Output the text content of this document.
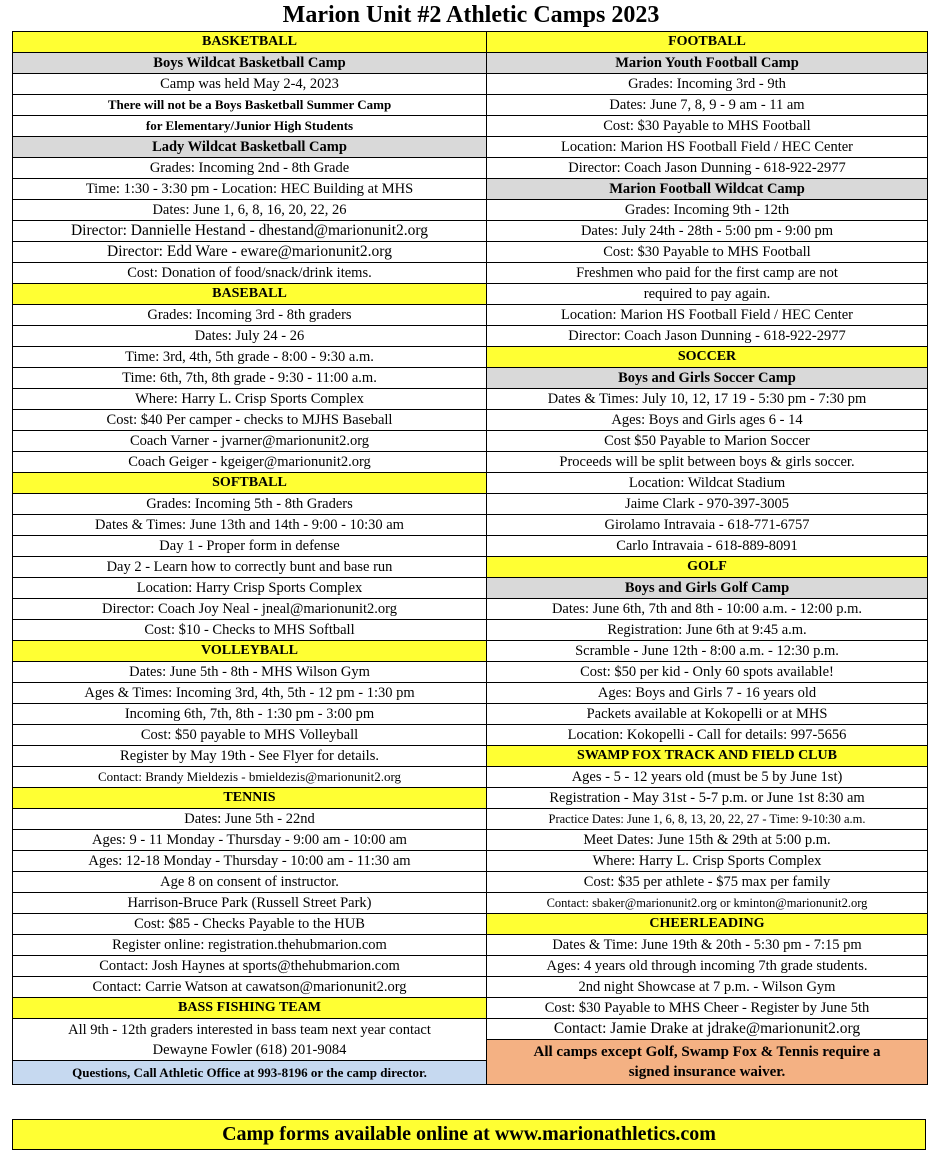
Marion Unit #2 Athletic Camps 2023
BASKETBALL
Boys Wildcat Basketball Camp
Camp was held May 2-4, 2023
There will not be a Boys Basketball Summer Camp
for Elementary/Junior High Students
Lady Wildcat Basketball Camp
Grades: Incoming 2nd - 8th Grade
Time: 1:30 - 3:30 pm - Location: HEC Building at MHS
Dates: June 1, 6, 8, 16, 20, 22, 26
Director: Dannielle Hestand - dhestand@marionunit2.org
Director: Edd Ware - eware@marionunit2.org
Cost: Donation of food/snack/drink items.
BASEBALL
Grades: Incoming 3rd - 8th graders
Dates: July 24 - 26
Time: 3rd, 4th, 5th grade - 8:00 - 9:30 a.m.
Time: 6th, 7th, 8th grade - 9:30 - 11:00 a.m.
Where: Harry L. Crisp Sports Complex
Cost: $40 Per camper - checks to MJHS Baseball
Coach Varner - jvarner@marionunit2.org
Coach Geiger - kgeiger@marionunit2.org
SOFTBALL
Grades: Incoming 5th - 8th Graders
Dates & Times: June 13th and 14th - 9:00 - 10:30 am
Day 1 - Proper form in defense
Day 2 - Learn how to correctly bunt and base run
Location: Harry Crisp Sports Complex
Director: Coach Joy Neal - jneal@marionunit2.org
Cost: $10 - Checks to MHS Softball
VOLLEYBALL
Dates: June 5th - 8th - MHS Wilson Gym
Ages & Times: Incoming 3rd, 4th, 5th - 12 pm - 1:30 pm
Incoming 6th, 7th, 8th - 1:30 pm - 3:00 pm
Cost: $50 payable to MHS Volleyball
Register by May 19th - See Flyer for details.
Contact: Brandy Mieldezis - bmieldezis@marionunit2.org
TENNIS
Dates: June 5th - 22nd
Ages: 9 - 11 Monday - Thursday - 9:00 am - 10:00 am
Ages: 12-18 Monday - Thursday - 10:00 am - 11:30 am
Age 8 on consent of instructor.
Harrison-Bruce Park (Russell Street Park)
Cost: $85 - Checks Payable to the HUB
Register online: registration.thehubmarion.com
Contact: Josh Haynes at sports@thehubmarion.com
Contact: Carrie Watson at cawatson@marionunit2.org
BASS FISHING TEAM
All 9th - 12th graders interested in bass team next year contact
Dewayne Fowler (618) 201-9084
Questions, Call Athletic Office at 993-8196 or the camp director.
FOOTBALL
Marion Youth Football Camp
Grades: Incoming 3rd - 9th
Dates: June 7, 8, 9 - 9 am - 11 am
Cost: $30 Payable to MHS Football
Location: Marion HS Football Field / HEC Center
Director: Coach Jason Dunning - 618-922-2977
Marion Football Wildcat Camp
Grades: Incoming 9th - 12th
Dates: July 24th - 28th - 5:00 pm - 9:00 pm
Cost: $30 Payable to MHS Football
Freshmen who paid for the first camp are not
required to pay again.
Location: Marion HS Football Field / HEC Center
Director: Coach Jason Dunning - 618-922-2977
SOCCER
Boys and Girls Soccer Camp
Dates & Times: July 10, 12, 17 19 - 5:30 pm - 7:30 pm
Ages: Boys and Girls ages 6 - 14
Cost $50 Payable to Marion Soccer
Proceeds will be split between boys & girls soccer.
Location: Wildcat Stadium
Jaime Clark - 970-397-3005
Girolamo Intravaia - 618-771-6757
Carlo Intravaia - 618-889-8091
GOLF
Boys and Girls Golf Camp
Dates: June 6th, 7th and 8th - 10:00 a.m. - 12:00 p.m.
Registration: June 6th at 9:45 a.m.
Scramble - June 12th - 8:00 a.m. - 12:30 p.m.
Cost: $50 per kid - Only 60 spots available!
Ages: Boys and Girls 7 - 16 years old
Packets available at Kokopelli or at MHS
Location: Kokopelli - Call for details: 997-5656
SWAMP FOX TRACK AND FIELD CLUB
Ages - 5 - 12 years old (must be 5 by June 1st)
Registration - May 31st - 5-7 p.m. or June 1st 8:30 am
Practice Dates: June 1, 6, 8, 13, 20, 22, 27 - Time: 9-10:30 a.m.
Meet Dates: June 15th & 29th at 5:00 p.m.
Where: Harry L. Crisp Sports Complex
Cost: $35 per athlete - $75 max per family
Contact: sbaker@marionunit2.org or kminton@marionunit2.org
CHEERLEADING
Dates & Time: June 19th & 20th - 5:30 pm - 7:15 pm
Ages: 4 years old through incoming 7th grade students.
2nd night Showcase at 7 p.m. - Wilson Gym
Cost: $30 Payable to MHS Cheer - Register by June 5th
Contact: Jamie Drake at jdrake@marionunit2.org
All camps except Golf, Swamp Fox & Tennis require a
signed insurance waiver.
Camp forms available online at www.marionathletics.com
